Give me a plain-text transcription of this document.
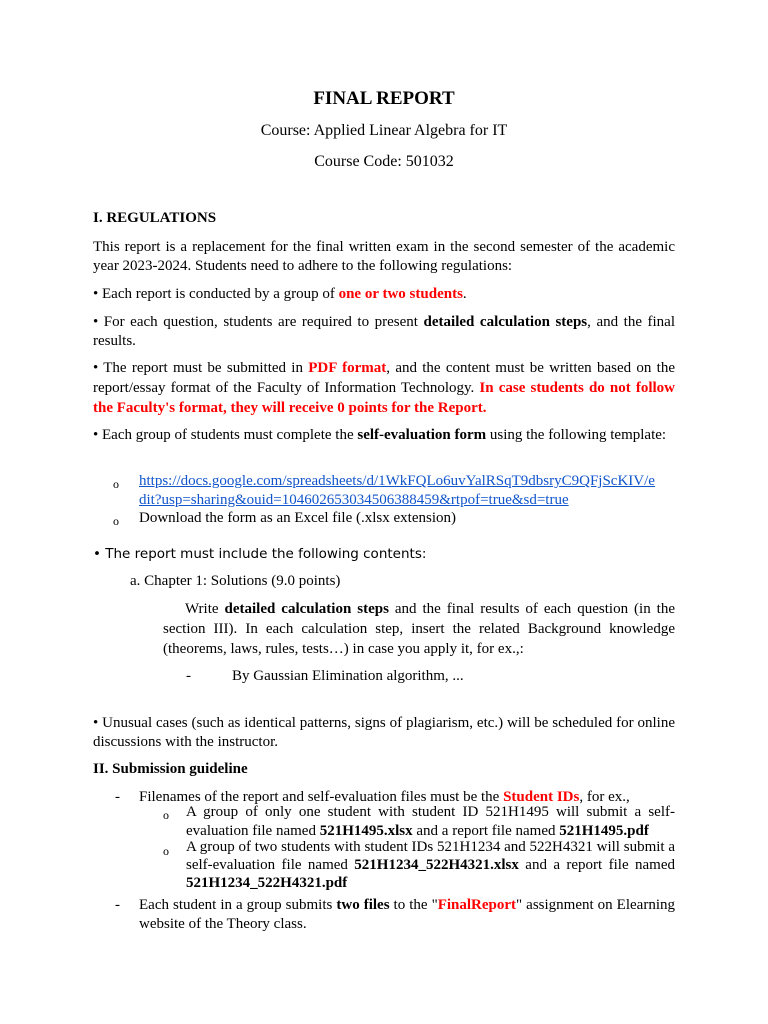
FINAL REPORT
Course: Applied Linear Algebra for IT
Course Code: 501032
I. REGULATIONS
This report is a replacement for the final written exam in the second semester of the academic year 2023-2024. Students need to adhere to the following regulations:
• Each report is conducted by a group of one or two students.
• For each question, students are required to present detailed calculation steps, and the final results.
• The report must be submitted in PDF format, and the content must be written based on the report/essay format of the Faculty of Information Technology. In case students do not follow the Faculty's format, they will receive 0 points for the Report.
• Each group of students must complete the self-evaluation form using the following template:
o https://docs.google.com/spreadsheets/d/1WkFQLo6uvYalRSqT9dbsryC9QFjScKIV/e
dit?usp=sharing&ouid=104602653034506388459&rtpof=true&sd=true
o Download the form as an Excel file (.xlsx extension)
• The report must include the following contents:
a. Chapter 1: Solutions (9.0 points)
Write detailed calculation steps and the final results of each question (in the section III). In each calculation step, insert the related Background knowledge (theorems, laws, rules, tests…) in case you apply it, for ex.,:
-	By Gaussian Elimination algorithm, ...
• Unusual cases (such as identical patterns, signs of plagiarism, etc.) will be scheduled for online discussions with the instructor.
II. Submission guideline
-	Filenames of the report and self-evaluation files must be the Student IDs, for ex.,
o A group of only one student with student ID 521H1495 will submit a self-evaluation file named 521H1495.xlsx and a report file named 521H1495.pdf
o A group of two students with student IDs 521H1234 and 522H4321 will submit a self-evaluation file named 521H1234_522H4321.xlsx and a report file named 521H1234_522H4321.pdf
-	Each student in a group submits two files to the "FinalReport" assignment on Elearning website of the Theory class.
